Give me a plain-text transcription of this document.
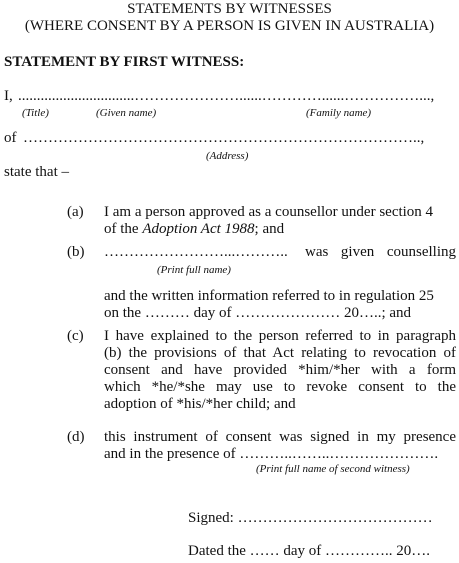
STATEMENTS BY WITNESSES
(WHERE CONSENT BY A PERSON IS GIVEN IN AUSTRALIA)
STATEMENT BY FIRST WITNESS:
I, ...............................…………………......…………......……………...,
(Title)	(Given name)	(Family name)
of ……………………………………………………………………..,
(Address)
state that –
(a) I am a person approved as a counsellor under section 4
of the Adoption Act 1988; and
(b) ……………………...………..	was given counselling
(Print full name)
and the written information referred to in regulation 25
on the ……… day of ………………… 20…..; and
(c) I have explained to the person referred to in paragraph
(b) the provisions of that Act relating to revocation of
consent and have provided *him/*her with a form
which *he/*she may use to revoke consent to the
adoption of *his/*her child; and
(d) this instrument of consent was signed in my presence
and in the presence of ………..……..………………….
(Print full name of second witness)
Signed: …………………………………
Dated the …… day of ………….. 20….
